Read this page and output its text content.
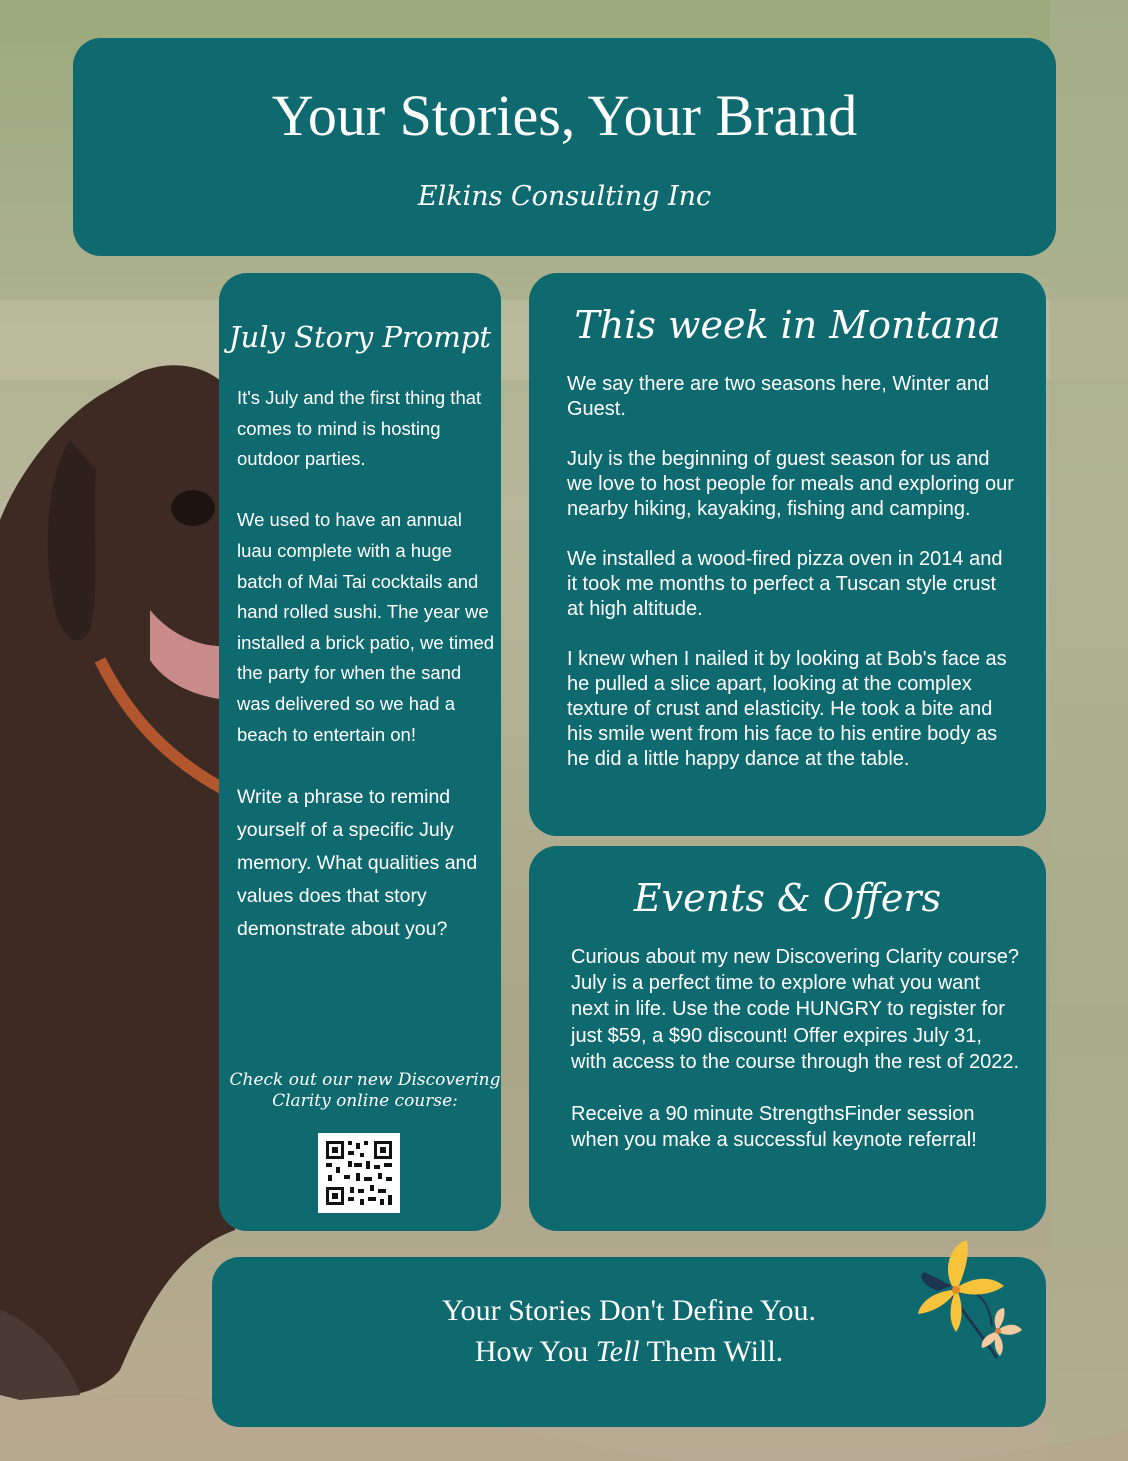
Your Stories, Your Brand
Elkins Consulting Inc
July Story Prompt

It's July and the first thing that comes to mind is hosting outdoor parties.

We used to have an annual luau complete with a huge batch of Mai Tai cocktails and hand rolled sushi. The year we installed a brick patio, we timed the party for when the sand was delivered so we had a beach to entertain on!

Write a phrase to remind yourself of a specific July memory. What qualities and values does that story demonstrate about you?

Check out our new Discovering Clarity online course:
This week in Montana

We say there are two seasons here, Winter and Guest.

July is the beginning of guest season for us and we love to host people for meals and exploring our nearby hiking, kayaking, fishing and camping.

We installed a wood-fired pizza oven in 2014 and it took me months to perfect a Tuscan style crust at high altitude.

I knew when I nailed it by looking at Bob's face as he pulled a slice apart, looking at the complex texture of crust and elasticity. He took a bite and his smile went from his face to his entire body as he did a little happy dance at the table.

Events & Offers

Curious about my new Discovering Clarity course? July is a perfect time to explore what you want next in life. Use the code HUNGRY to register for just $59, a $90 discount! Offer expires July 31, with access to the course through the rest of 2022.

Receive a 90 minute StrengthsFinder session when you make a successful keynote referral!

Your Stories Don't Define You.
How You Tell Them Will.
